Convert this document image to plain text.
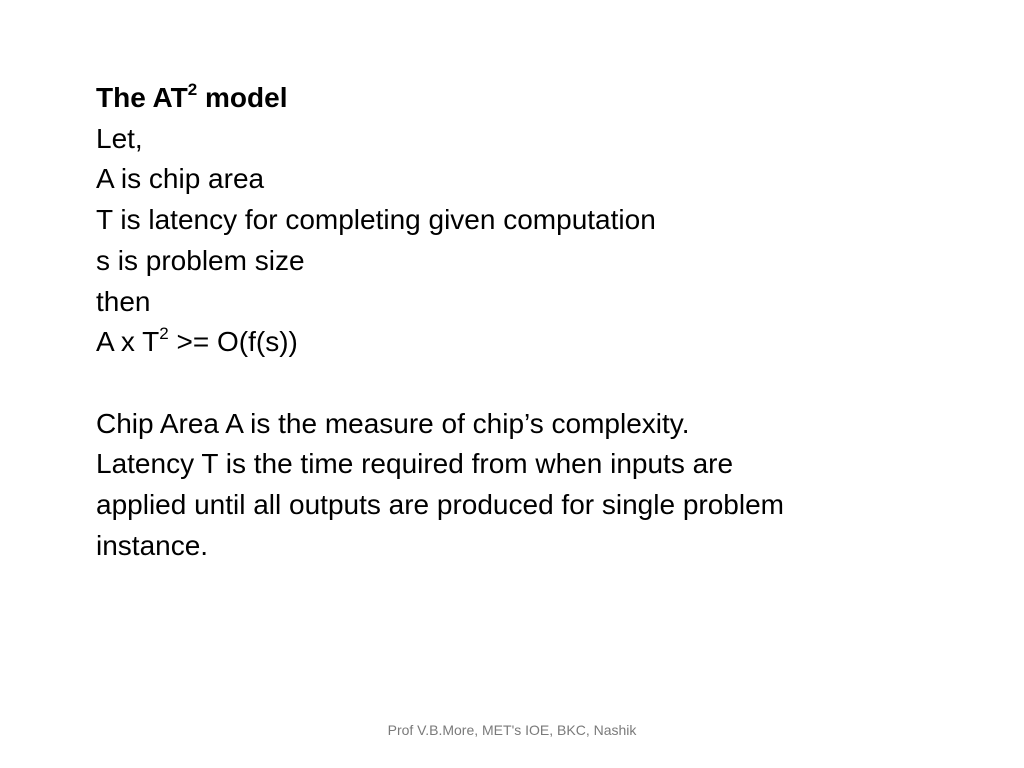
The $AT^2$ model
Let,
A is chip area
T is latency for completing given computation
s is problem size
then
A x $T^2 >= O(f(s))$
Chip Area A is the measure of chip’s complexity.
Latency T is the time required from when inputs are
applied until all outputs are produced for single problem
instance.
Prof V.B.More, MET's IOE, BKC, Nashik
